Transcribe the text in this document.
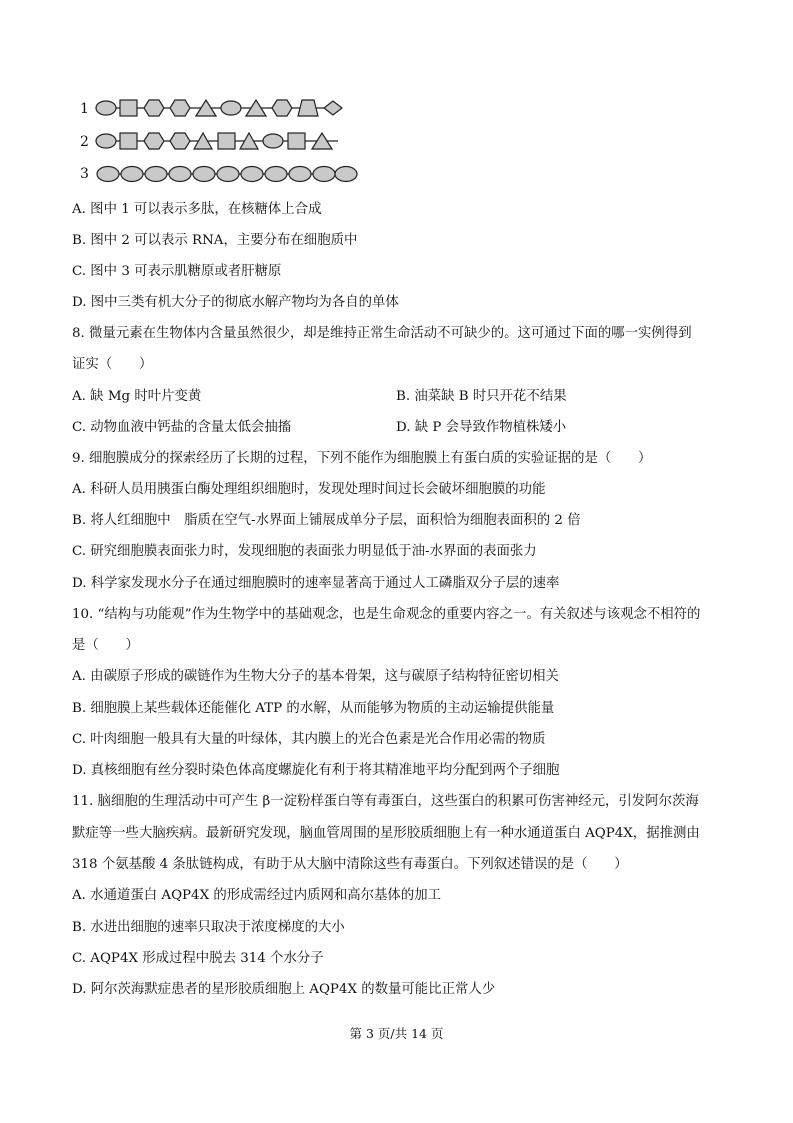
1
2
3
A. 图中 1 可以表示多肽，在核糖体上合成
B. 图中 2 可以表示 RNA，主要分布在细胞质中
C. 图中 3 可表示肌糖原或者肝糖原
D. 图中三类有机大分子的彻底水解产物均为各自的单体
8. 微量元素在生物体内含量虽然很少，却是维持正常生命活动不可缺少的。这可通过下面的哪一实例得到
证实（　　）
A. 缺 Mg 时叶片变黄	B. 油菜缺 B 时只开花不结果
C. 动物血液中钙盐的含量太低会抽搐	D. 缺 P 会导致作物植株矮小
9. 细胞膜成分的探索经历了长期的过程，下列不能作为细胞膜上有蛋白质的实验证据的是（　　）
A. 科研人员用胰蛋白酶处理组织细胞时，发现处理时间过长会破坏细胞膜的功能
B. 将人红细胞中　脂质在空气-水界面上铺展成单分子层，面积恰为细胞表面积的 2 倍
C. 研究细胞膜表面张力时，发现细胞的表面张力明显低于油-水界面的表面张力
D. 科学家发现水分子在通过细胞膜时的速率显著高于通过人工磷脂双分子层的速率
10. “结构与功能观”作为生物学中的基础观念，也是生命观念的重要内容之一。有关叙述与该观念不相符的
是（　　）
A. 由碳原子形成的碳链作为生物大分子的基本骨架，这与碳原子结构特征密切相关
B. 细胞膜上某些载体还能催化 ATP 的水解，从而能够为物质的主动运输提供能量
C. 叶肉细胞一般具有大量的叶绿体，其内膜上的光合色素是光合作用必需的物质
D. 真核细胞有丝分裂时染色体高度螺旋化有利于将其精准地平均分配到两个子细胞
11. 脑细胞的生理活动中可产生 β一淀粉样蛋白等有毒蛋白，这些蛋白的积累可伤害神经元，引发阿尔茨海
默症等一些大脑疾病。最新研究发现，脑血管周围的星形胶质细胞上有一种水通道蛋白 AQP4X，据推测由
318 个氨基酸 4 条肽链构成，有助于从大脑中清除这些有毒蛋白。下列叙述错误的是（　　）
A. 水通道蛋白 AQP4X 的形成需经过内质网和高尔基体的加工
B. 水进出细胞的速率只取决于浓度梯度的大小
C. AQP4X 形成过程中脱去 314 个水分子
D. 阿尔茨海默症患者的星形胶质细胞上 AQP4X 的数量可能比正常人少
第 3 页/共 14 页
